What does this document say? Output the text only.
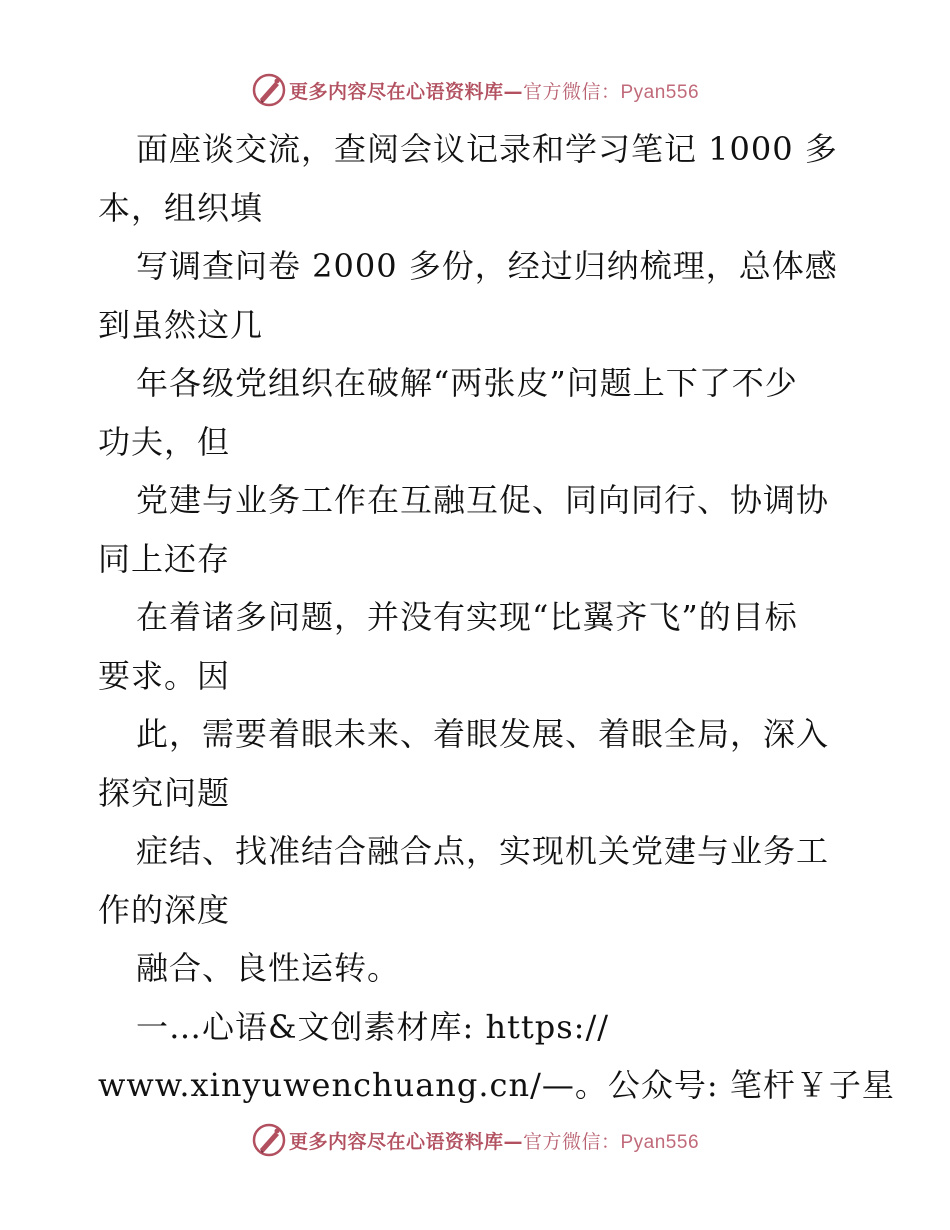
更多内容尽在心语资料库—官方微信：Pyan556
面座谈交流，查阅会议记录和学习笔记 1000 多
本，组织填
写调查问卷 2000 多份，经过归纳梳理，总体感
到虽然这几
年各级党组织在破解“两张皮”问题上下了不少
功夫，但
党建与业务工作在互融互促、同向同行、协调协
同上还存
在着诸多问题，并没有实现“比翼齐飞”的目标
要求。因
此，需要着眼未来、着眼发展、着眼全局，深入
探究问题
症结、找准结合融合点，实现机关党建与业务工
作的深度
融合、良性运转。
一…心语&文创素材库: https://
www.xinyuwenchuang.cn/—。公众号: 笔杆￥子星
更多内容尽在心语资料库—官方微信：Pyan556
